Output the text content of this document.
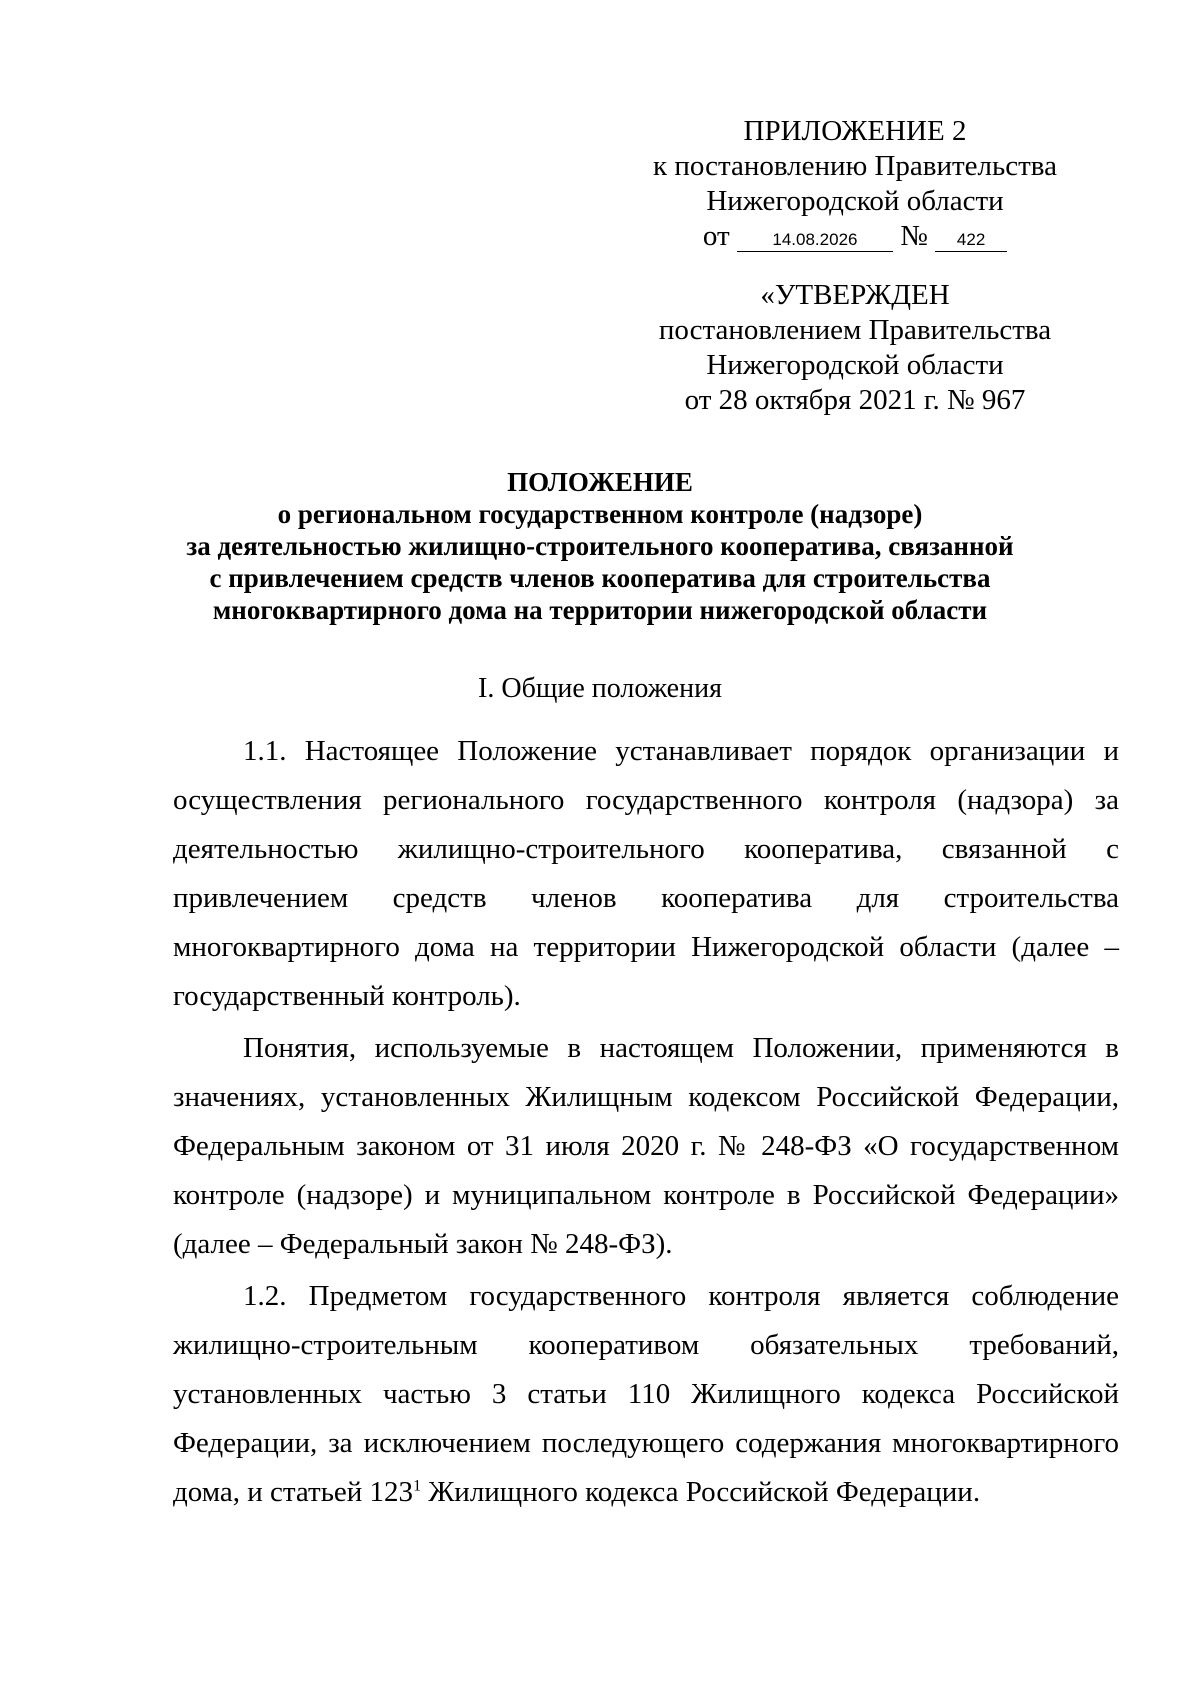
ПРИЛОЖЕНИЕ 2
к постановлению Правительства
Нижегородской области
от	14.08.2026 № 422
«УТВЕРЖДЕН
постановлением Правительства
Нижегородской области
от 28 октября 2021 г. № 967
ПОЛОЖЕНИЕ
о региональном государственном контроле (надзоре)
за деятельностью жилищно-строительного кооператива, связанной
с привлечением средств членов кооператива для строительства
многоквартирного дома на территории нижегородской области
I. Общие положения

1.1. Настоящее Положение устанавливает порядок организации и осуществления регионального государственного контроля (надзора) за деятельностью жилищно-строительного кооператива, связанной с привлечением средств членов кооператива для строительства многоквартирного дома на территории Нижегородской области (далее – государственный контроль).

Понятия, используемые в настоящем Положении, применяются в значениях, установленных Жилищным кодексом Российской Федерации, Федеральным законом от 31 июля 2020 г. № 248-ФЗ «О государственном контроле (надзоре) и муниципальном контроле в Российской Федерации» (далее – Федеральный закон № 248-ФЗ).

1.2. Предметом государственного контроля является соблюдение жилищно-строительным кооперативом обязательных требований, установленных частью 3 статьи 110 Жилищного кодекса Российской Федерации, за исключением последующего содержания многоквартирного дома, и статьей $123^1$ Жилищного кодекса Российской Федерации.
